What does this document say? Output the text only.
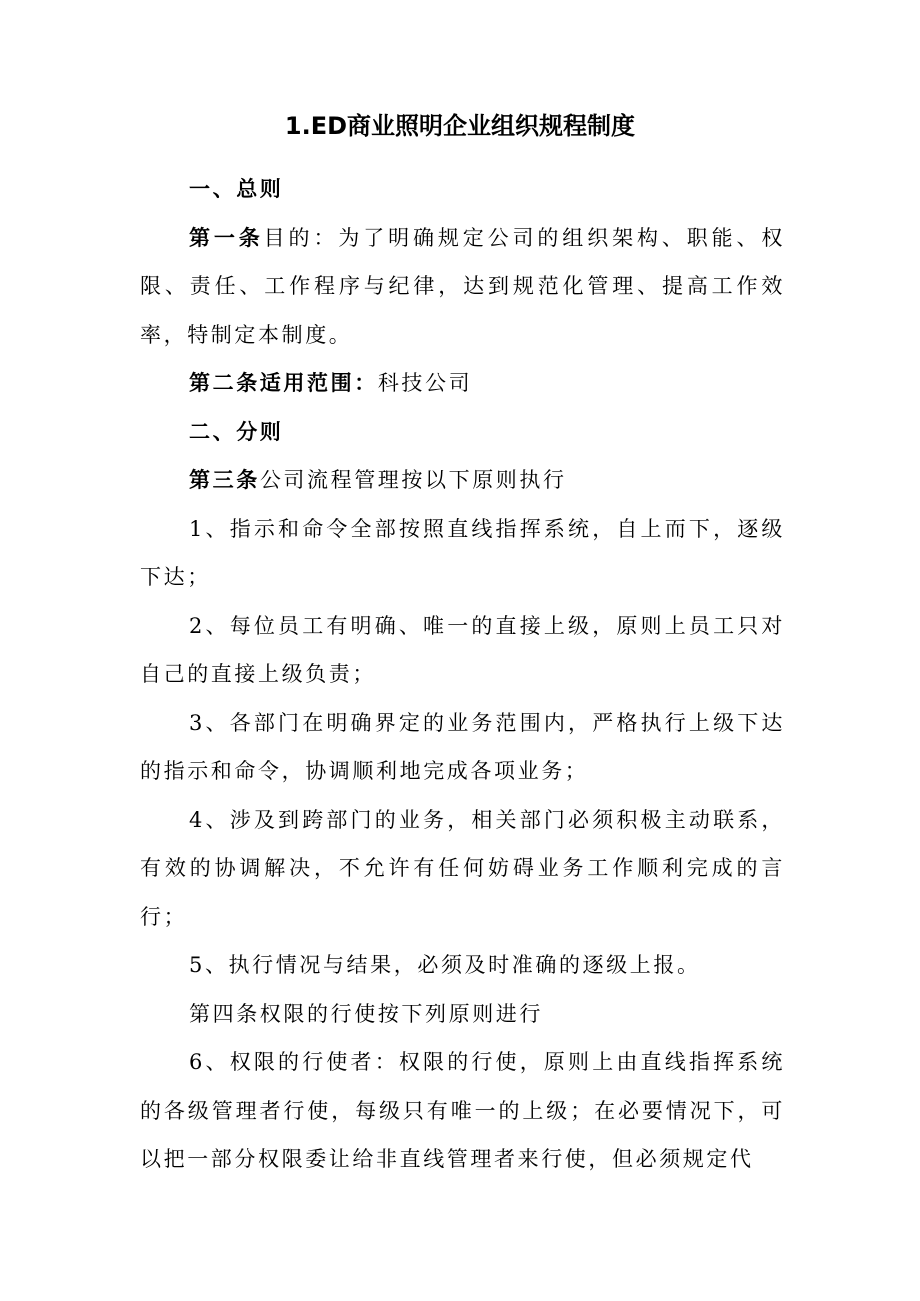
1.ED商业照明企业组织规程制度

一、总则

第一条目的：为了明确规定公司的组织架构、职能、权限、责任、工作程序与纪律，达到规范化管理、提高工作效率，特制定本制度。

第二条适用范围：科技公司

二、分则

第三条公司流程管理按以下原则执行

1、指示和命令全部按照直线指挥系统，自上而下，逐级下达；

2、每位员工有明确、唯一的直接上级，原则上员工只对自己的直接上级负责；

3、各部门在明确界定的业务范围内，严格执行上级下达的指示和命令，协调顺利地完成各项业务；

4、涉及到跨部门的业务，相关部门必须积极主动联系，有效的协调解决，不允许有任何妨碍业务工作顺利完成的言行；

5、执行情况与结果，必须及时准确的逐级上报。

第四条权限的行使按下列原则进行

6、权限的行使者：权限的行使，原则上由直线指挥系统的各级管理者行使，每级只有唯一的上级；在必要情况下，可以把一部分权限委让给非直线管理者来行使，但必须规定代
